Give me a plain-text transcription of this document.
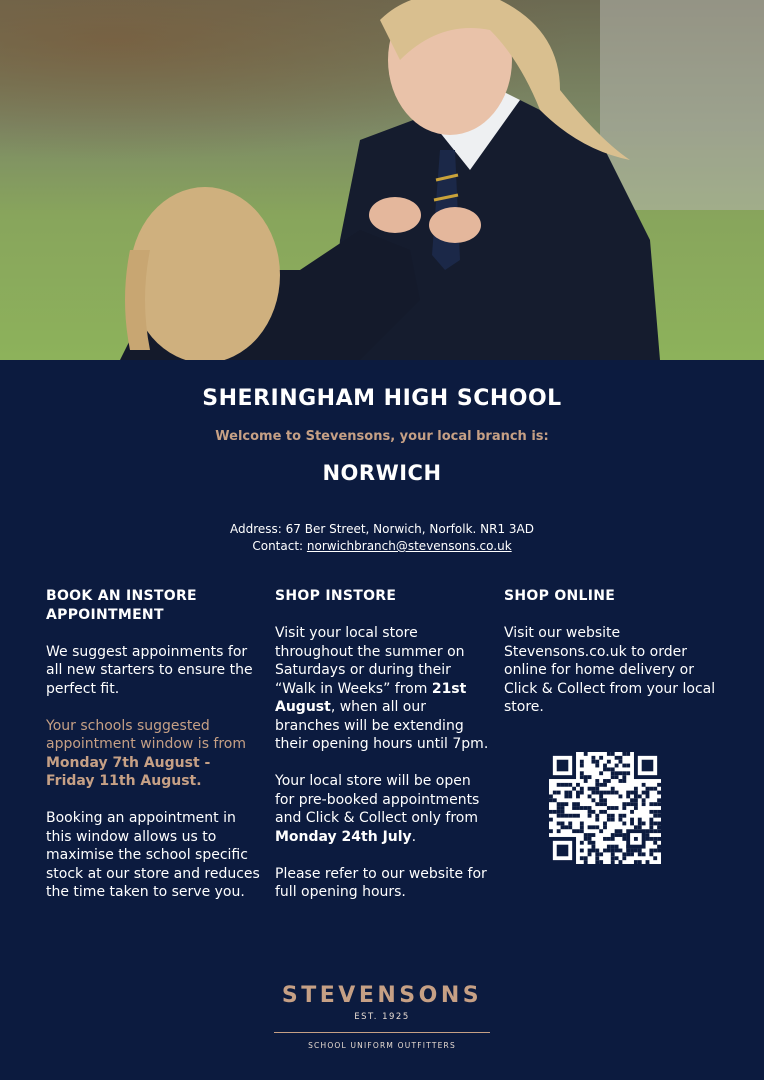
SHERINGHAM HIGH SCHOOL
Welcome to Stevensons, your local branch is:
NORWICH
Address: 67 Ber Street, Norwich, Norfolk. NR1 3AD
Contact: norwichbranch@stevensons.co.uk
BOOK AN INSTORE APPOINTMENT

We suggest appoinments for all new starters to ensure the perfect fit.

Your schools suggested appointment window is from Monday 7th August - Friday 11th August.

Booking an appointment in this window allows us to maximise the school specific stock at our store and reduces the time taken to serve you.

SHOP INSTORE

Visit your local store throughout the summer on Saturdays or during their “Walk in Weeks” from 21st August, when all our branches will be extending their opening hours until 7pm.

Your local store will be open for pre-booked appointments and Click & Collect only from Monday 24th July.

Please refer to our website for full opening hours.

SHOP ONLINE

Visit our website Stevensons.co.uk to order online for home delivery or Click & Collect from your local store.

STEVENSONS
EST. 1925
SCHOOL UNIFORM OUTFITTERS
